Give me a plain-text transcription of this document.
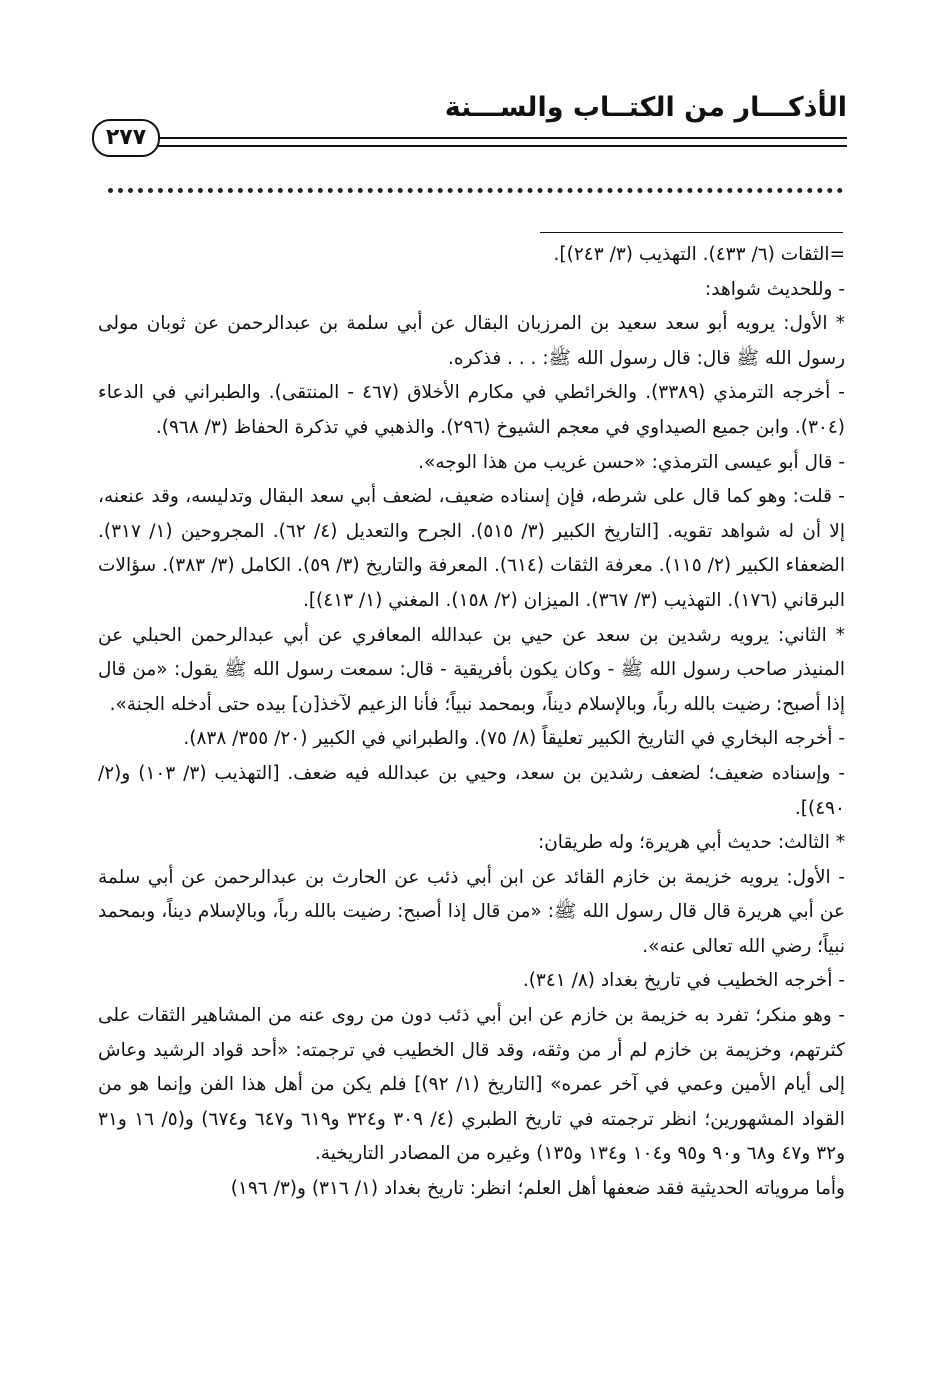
الأذكـــار من الكتــاب والســـنة
٢٧٧

=الثقات (٦/ ٤٣٣). التهذيب (٣/ ٢٤٣)].

- وللحديث شواهد:

* الأول: يرويه أبو سعد سعيد بن المرزبان البقال عن أبي سلمة بن عبدالرحمن عن ثوبان مولى رسول الله ﷺ قال: قال رسول الله ﷺ: . . . فذكره.

- أخرجه الترمذي (٣٣٨٩). والخرائطي في مكارم الأخلاق (٤٦٧ - المنتقى). والطبراني في الدعاء (٣٠٤). وابن جميع الصيداوي في معجم الشيوخ (٢٩٦). والذهبي في تذكرة الحفاظ (٣/ ٩٦٨).

- قال أبو عيسى الترمذي: «حسن غريب من هذا الوجه».

- قلت: وهو كما قال على شرطه، فإن إسناده ضعيف، لضعف أبي سعد البقال وتدليسه، وقد عنعنه، إلا أن له شواهد تقويه. [التاريخ الكبير (٣/ ٥١٥). الجرح والتعديل (٤/ ٦٢). المجروحين (١/ ٣١٧). الضعفاء الكبير (٢/ ١١٥). معرفة الثقات (٦١٤). المعرفة والتاريخ (٣/ ٥٩). الكامل (٣/ ٣٨٣). سؤالات البرقاني (١٧٦). التهذيب (٣/ ٣٦٧). الميزان (٢/ ١٥٨). المغني (١/ ٤١٣)].

* الثاني: يرويه رشدين بن سعد عن حيي بن عبدالله المعافري عن أبي عبدالرحمن الحبلي عن المنيذر صاحب رسول الله ﷺ - وكان يكون بأفريقية - قال: سمعت رسول الله ﷺ يقول: «من قال إذا أصبح: رضيت بالله رباً، وبالإسلام ديناً، وبمحمد نبياً؛ فأنا الزعيم لآخذ[ن] بيده حتى أدخله الجنة».

- أخرجه البخاري في التاريخ الكبير تعليقاً (٨/ ٧٥). والطبراني في الكبير (٢٠/ ٣٥٥/ ٨٣٨).

- وإسناده ضعيف؛ لضعف رشدين بن سعد، وحيي بن عبدالله فيه ضعف. [التهذيب (٣/ ١٠٣) و(٢/ ٤٩٠)].

* الثالث: حديث أبي هريرة؛ وله طريقان:

- الأول: يرويه خزيمة بن خازم القائد عن ابن أبي ذئب عن الحارث بن عبدالرحمن عن أبي سلمة عن أبي هريرة قال قال رسول الله ﷺ: «من قال إذا أصبح: رضيت بالله رباً، وبالإسلام ديناً، وبمحمد نبياً؛ رضي الله تعالى عنه».

- أخرجه الخطيب في تاريخ بغداد (٨/ ٣٤١).

- وهو منكر؛ تفرد به خزيمة بن خازم عن ابن أبي ذئب دون من روى عنه من المشاهير الثقات على كثرتهم، وخزيمة بن خازم لم أر من وثقه، وقد قال الخطيب في ترجمته: «أحد قواد الرشيد وعاش إلى أيام الأمين وعمي في آخر عمره» [التاريخ (١/ ٩٢)] فلم يكن من أهل هذا الفن وإنما هو من القواد المشهورين؛ انظر ترجمته في تاريخ الطبري (٤/ ٣٠٩ و٣٢٤ و٦١٩ و٦٤٧ و٦٧٤) و(٥/ ١٦ و٣١ و٣٢ و٤٧ و٦٨ و٩٠ و٩٥ و١٠٤ و١٣٤ و١٣٥) وغيره من المصادر التاريخية.

وأما مروياته الحديثية فقد ضعفها أهل العلم؛ انظر: تاريخ بغداد (١/ ٣١٦) و(٣/ ١٩٦)
